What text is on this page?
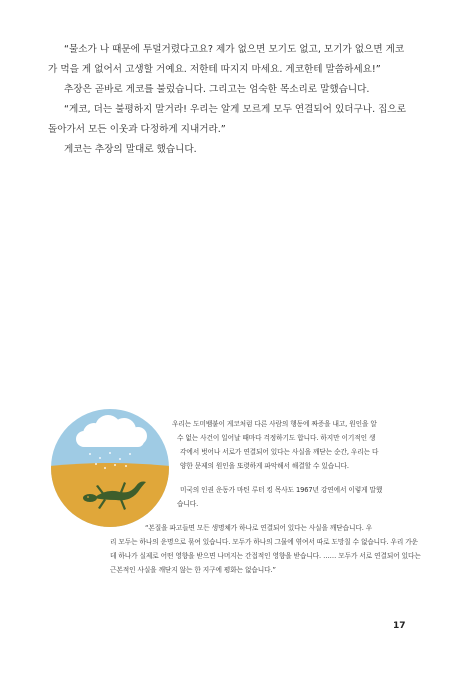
“물소가 나 때문에 투덜거렸다고요? 제가 없으면 모기도 없고, 모기가 없으면 게코
가 먹을 게 없어서 고생할 거예요. 저한테 따지지 마세요. 게코한테 말씀하세요!”

추장은 곧바로 게코를 불렀습니다. 그리고는 엄숙한 목소리로 말했습니다.

“게코, 더는 불평하지 말거라! 우리는 알게 모르게 모두 연결되어 있더구나. 집으로
돌아가서 모든 이웃과 다정하게 지내거라.”

게코는 추장의 말대로 했습니다.

우리는 도미뱀붙이 게코처럼 다른 사람의 행동에 짜증을 내고, 원인을 알
수 없는 사건이 일어날 때마다 걱정하기도 합니다. 하지만 이기적인 생
각에서 벗어나 서로가 연결되어 있다는 사실을 깨닫는 순간, 우리는 다
양한 문제의 원인을 또렷하게 파악해서 해결할 수 있습니다.
미국의 인권 운동가 마틴 루터 킹 목사도 1967년 강연에서 이렇게 말했
습니다.
“본질을 파고들면 모든 생명체가 하나로 연결되어 있다는 사실을 깨닫습니다. 우
리 모두는 하나의 운명으로 묶여 있습니다. 모두가 하나의 그물에 엮여서 따로 도망칠 수 없습니다. 우리 가운
데 하나가 실제로 어떤 영향을 받으면 나머지는 간접적인 영향을 받습니다. …… 모두가 서로 연결되어 있다는
근본적인 사실을 깨닫지 않는 한 지구에 평화는 없습니다.”
17
